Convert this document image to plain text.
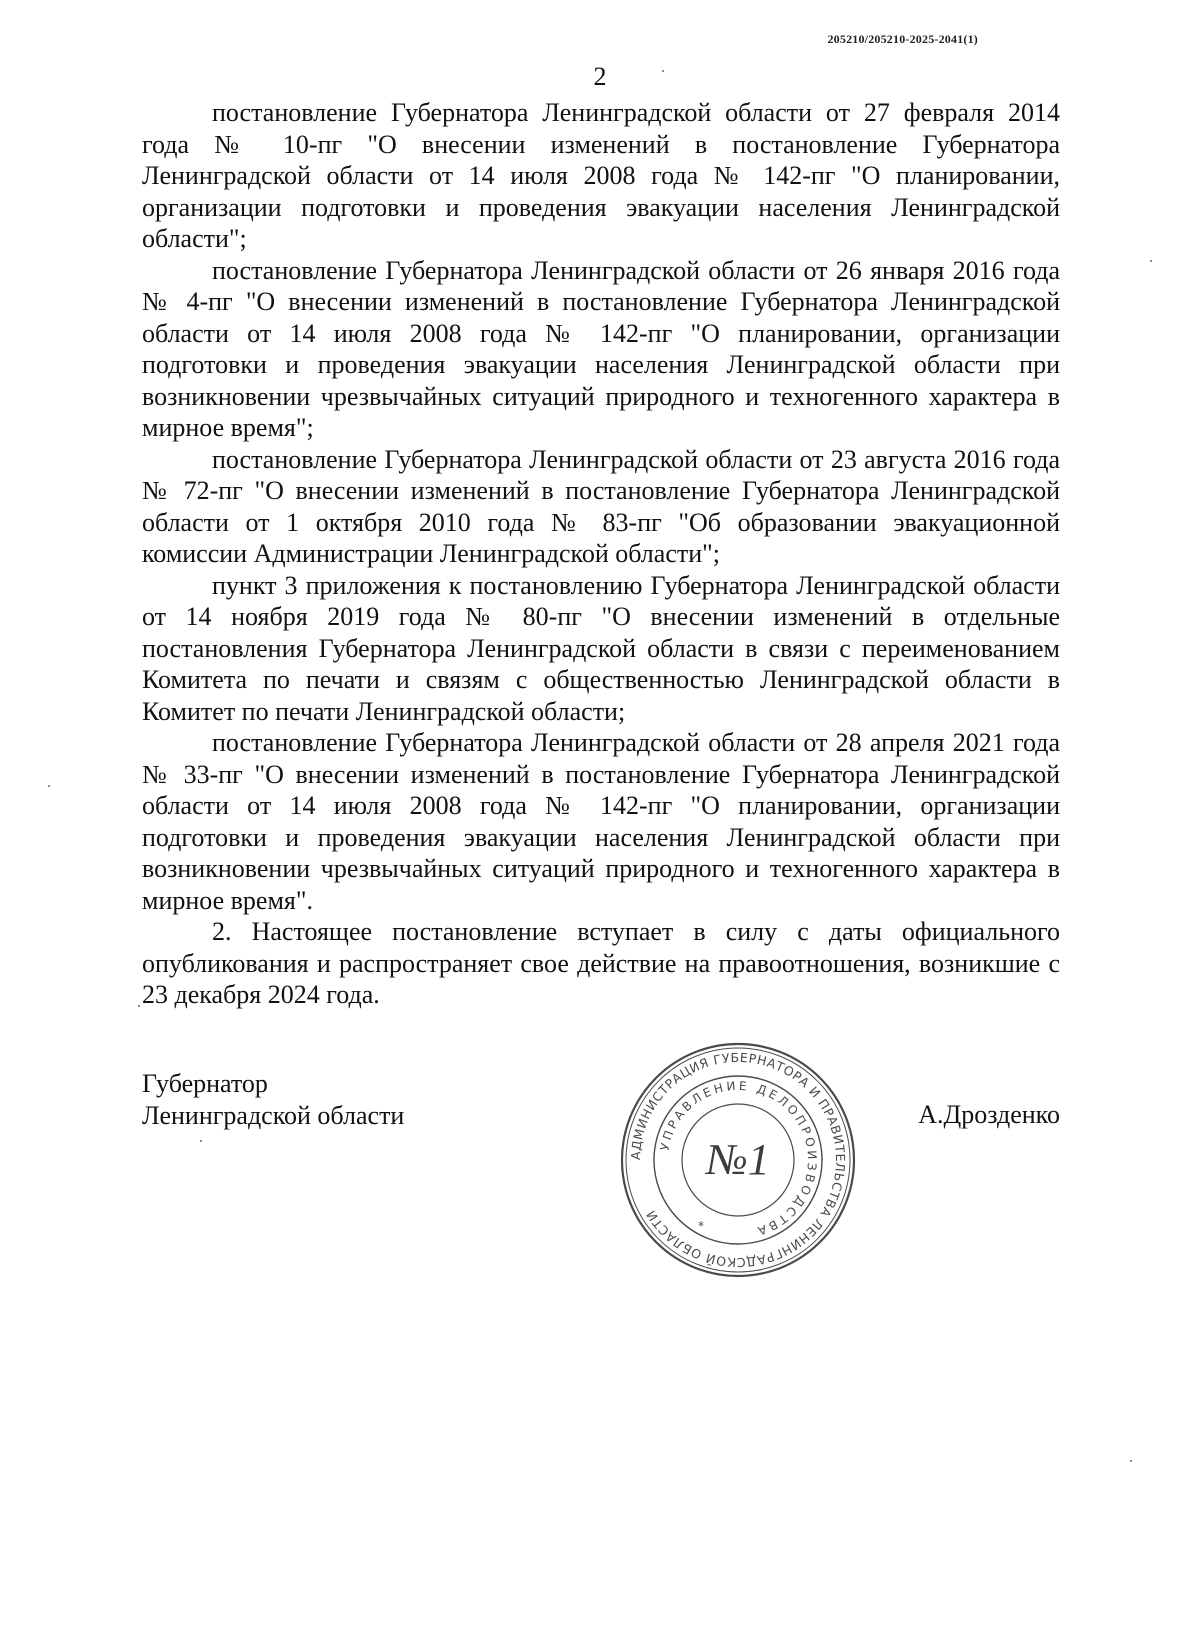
205210/205210-2025-2041(1)
2

постановление Губернатора Ленинградской области от 27 февраля 2014 года № 10-пг "О внесении изменений в постановление Губернатора Ленинградской области от 14 июля 2008 года № 142-пг "О планировании, организации подготовки и проведения эвакуации населения Ленинградской области";

постановление Губернатора Ленинградской области от 26 января 2016 года № 4-пг "О внесении изменений в постановление Губернатора Ленинградской области от 14 июля 2008 года № 142-пг "О планировании, организации подготовки и проведения эвакуации населения Ленинградской области при возникновении чрезвычайных ситуаций природного и техногенного характера в мирное время";

постановление Губернатора Ленинградской области от 23 августа 2016 года № 72-пг "О внесении изменений в постановление Губернатора Ленинградской области от 1 октября 2010 года № 83-пг "Об образовании эвакуационной комиссии Администрации Ленинградской области";

пункт 3 приложения к постановлению Губернатора Ленинградской области от 14 ноября 2019 года № 80-пг "О внесении изменений в отдельные постановления Губернатора Ленинградской области в связи с переименованием Комитета по печати и связям с общественностью Ленинградской области в Комитет по печати Ленинградской области;

постановление Губернатора Ленинградской области от 28 апреля 2021 года № 33-пг "О внесении изменений в постановление Губернатора Ленинградской области от 14 июля 2008 года № 142-пг "О планировании, организации подготовки и проведения эвакуации населения Ленинградской области при возникновении чрезвычайных ситуаций природного и техногенного характера в мирное время".

2. Настоящее постановление вступает в силу с даты официального опубликования и распространяет свое действие на правоотношения, возникшие с 23 декабря 2024 года.

Губернатор
Ленинградской области
АДМИНИСТРАЦИЯ ГУБЕРНАТОРА И ПРАВИТЕЛЬСТВА ЛЕНИНГРАДСКОЙ ОБЛАСТИ
УПРАВЛЕНИЕ ДЕЛОПРОИЗВОДСТВА
№1
*
А.Дрозденко
